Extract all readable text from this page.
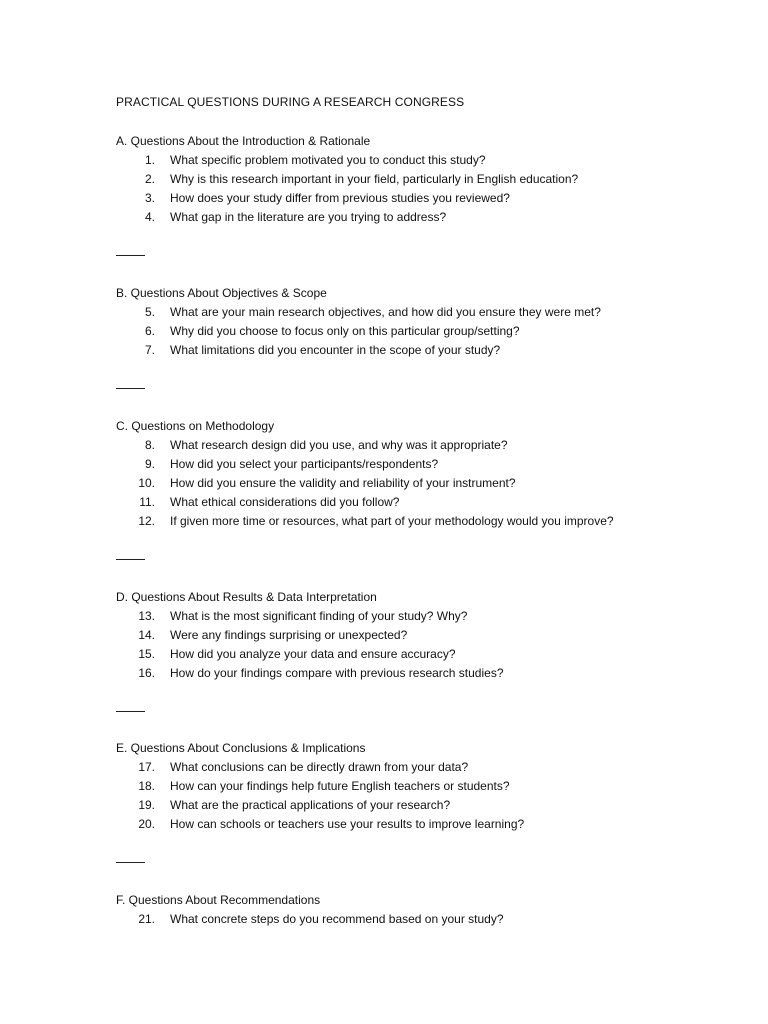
PRACTICAL QUESTIONS DURING A RESEARCH CONGRESS
A. Questions About the Introduction & Rationale
1. What specific problem motivated you to conduct this study?
2. Why is this research important in your field, particularly in English education?
3. How does your study differ from previous studies you reviewed?
4. What gap in the literature are you trying to address?
B. Questions About Objectives & Scope
5. What are your main research objectives, and how did you ensure they were met?
6. Why did you choose to focus only on this particular group/setting?
7. What limitations did you encounter in the scope of your study?
C. Questions on Methodology
8. What research design did you use, and why was it appropriate?
9. How did you select your participants/respondents?
10. How did you ensure the validity and reliability of your instrument?
11. What ethical considerations did you follow?
12. If given more time or resources, what part of your methodology would you improve?
D. Questions About Results & Data Interpretation
13. What is the most significant finding of your study? Why?
14. Were any findings surprising or unexpected?
15. How did you analyze your data and ensure accuracy?
16. How do your findings compare with previous research studies?
E. Questions About Conclusions & Implications
17. What conclusions can be directly drawn from your data?
18. How can your findings help future English teachers or students?
19. What are the practical applications of your research?
20. How can schools or teachers use your results to improve learning?
F. Questions About Recommendations
21. What concrete steps do you recommend based on your study?
